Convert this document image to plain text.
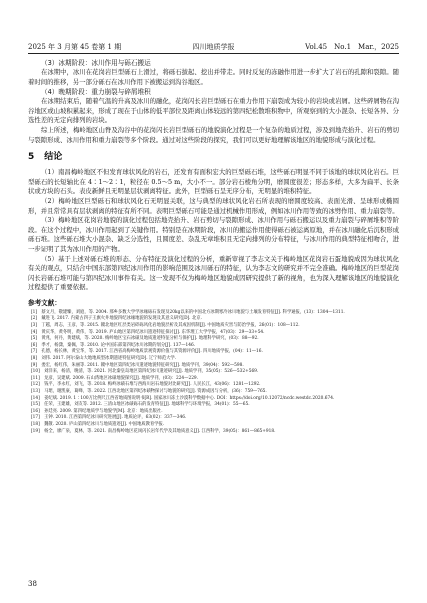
2025 年 3 月第 45 卷第 1 期	四川地质学报	Vol.45　No.1　Mar.，2025

（3）冰期阶段：冰川作用与砾石搬运

在冰期中，冰川在花岗岩巨型砾石上滑过，将砾石拔起、挖出并带走。同时反复的冻融作用进一步扩大了岩石的孔隙和裂隙。随着时间的推移，另一部分砾石在冰川作用下被搬运到沟谷地区。

（4）晚期阶段：重力崩裂与碎屑堆积

在冰期结束后，随着气温的升高及冰川的融化，花岗闪长岩巨型砾石在重力作用下崩裂成为较小的岩块或岩屑。这些碎屑物在沟谷地区或山坡积累起来，形成了现在于山体的低平部位及距离山体较远的第四纪松散堆积物中，所观察到的大小混杂、长短各异、分选性差的无定向排列的岩块。

综上所述，梅岭地区山脊及沟谷中的花岗闪长岩巨型砾石的地貌演化过程是一个复杂的地质过程，涉及到地壳抬升、岩石的剪切与裂隙形成、冰川作用和重力崩裂等多个阶段。通过对这些阶段的探究，我们可以更好地理解该地区的地貌形成与演化过程。

5 结论

（1）南昌梅岭地区不但发育球状风化的岩石，还发育有面积宏大的巨型砾石堆，这些砾石明显不同于该地的球状风化岩石。巨型砾石的长短轴比在 4∶1～2∶1，粒径在 0.5～5 m，大小不一。部分岩石棱角分明，磨圆度很差；形态多样，大多为扁平、长条状或方块的石头。表皮新鲜且无明显层状剥离特征。此外，巨型砾石呈无序分布，无明显的堆积特征。

（2）梅岭地区巨型砾石和球状风化石无明显关联，这与典型的球状风化岩石所表现的磨圆度较高、表面光滑、呈球形或椭圆形，并且常常具有层状剥离的特征有所不同。表明巨型砾石可能是通过机械作用形成，例如冰川作用等致的冰劈作用、重力崩裂等。

（3）梅岭地区花岗岩地貌的演化过程包括地壳抬升、岩石剪切与裂隙形成、冰川作用与砾石搬运以及重力崩裂与碎屑堆积等阶段。在这个过程中，冰川作用起到了关键作用。特别是在冰期阶段，冰川的搬运作用使得砾石被运离原地，并在冰川融化后沉积形成砾石堆。这些砾石堆大小混杂、缺乏分选性，且圆度差、杂乱无章堆积且无定向排列的分布特征，与冰川作用的典型特征相吻合，进一步证明了其为冰川作用的产物。

（5）基于上述对砾石堆的形态、分布特征及演化过程的分析，重新审视了李志文关于梅岭地区花岗岩石蛋地貌成因为球状风化有关的观点，只结合中国东部第四纪冰川作用的影响范围及冰川砾石的特征，认为李志文的研究并不完全准确。梅岭地区的巨型花岗闪长岩砾石堆可能与第四纪冰川事件有关。这一发现不仅为梅岭地区地貌成因研究提供了新的视角，也为深入理解该地区的地貌演化过程提供了重要依据。

参考文献：

[1]　蔡文月，敬建臻，刘庭，等. 2004. 那乡多数大学学冰缘砾石发现及20kg以来的中国北方冰期寒冷冰川地貌与土壤发育特征[J]. 科学通报，(13)：1304—1311.

[2]　戴进飞. 2017. 内蒙古四子王旗火井地貌四纪冰缘地貌的发现及其意义研究[D]. 北京.

[3]　丁越，周志，王彦，等. 2015. 赣北地区红层类岩碎砾风化岩地貌层析及其成因机制[J]. 中国地质灾害与防治学报，26(01)：108—112.

[4]　黄庆华，黄冬明，黄伟，等. 2019. 庐山地区第四纪冰川遗迹特征探讨[J]. 东华理工大学学报，47(03)：29—33+54.

[5]　黄兆，何丹，黄建斌，等. 2020. 梅岭地区宝石冰碛及地质遗迹特征分析与保护[J]. 地理科学研究，(03)：88—92.

[6]　季才，杨潇，秦佩，等. 2010. 论中国东部第四纪冰川冰期的划分[J]. 137—146.

[7]　孔德，杨长林，黄宝华，等. 2017. 江西省高梅岭地质景观资源价值与其资源评价[J]. 四川地质学报，(04)：11—16.

[8]　刘伟. 2017. 阿尔泰山大地地质型冰期遗迹特征研究[D]. 辽宁师范大学.

[9]　娄宏，杨红伟，朱丽等. 2011. 赣中地区第四纪冰川遗迹地貌特征研究[J]. 地质学刊，39(04)：592—598.

[10]　刘洋来，杨清，晚清，等. 2021. 河北秦皇岛地区第四纪冰川遗迹研究[J]. 地质学刊，35(05)：526—532+569.

[11]　龙彦，吴建斌. 2009. 石山湾地区冰碛地貌探究[J]. 地质学刊，(03)：224—229.

[12]　钱平，李永红，刘飞，等. 2018. 梅岭冰碛石堆与西海川岩石地貌对比研究[J]. 人民长江，43(06)：1281—1292.

[13]　马珺，谢凯豪，葛峰，等. 2022. 江西北地区第四纪冰碛物探讨与地貌的研究[J]. 资源成因与分析，(36)：759—765.

[14]　姜纪斌. 2019. 1∶100万比例尺江西省地质图说明书[R]. 国家冰川冻土沙漠科学数据中心. DOI：https://doi.org/10.12072/ncdc.westdc.2020.674.

[15]　任荣，王建雄，刘友等. 2012. 三清山地区冰碛砾石的发育特征[J]. 地球科学与环境学报，34(01)：55—65.

[16]　孙廷亮. 2009. 第四纪地质学与地貌学[M]. 北京：地质出版社.

[17]　王钟. 2010. 江西第四纪冰川研究进展[J]. 地质论评，63(02)：337—346.

[18]　魏敬. 2020. 庐山第四纪冰川与地质遗迹[J]. 中国地质教育学报.

[19]　杨全，廖广泉，夏林，等. 2021. 南昌梅岭地区花岗闪长岩年代学及其地质意义[J]. 江西科学，39(05)：861—865+918.

38
